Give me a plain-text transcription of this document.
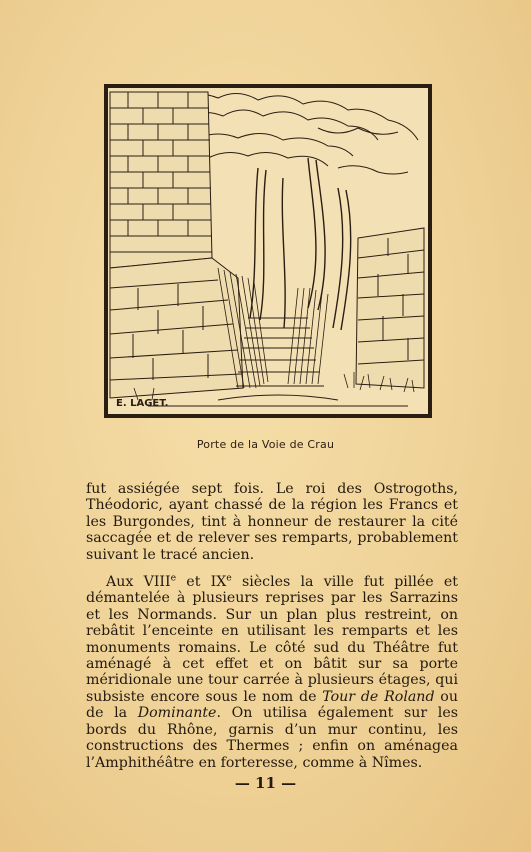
E. LAGET.
Porte de la Voie de Crau

fut assiégée sept fois. Le roi des Ostrogoths, Théodoric, ayant chassé de la région les Francs et les Burgondes, tint à honneur de restaurer la cité saccagée et de relever ses remparts, probablement suivant le tracé ancien.

Aux VIIIe et IXe siècles la ville fut pillée et démantelée à plusieurs reprises par les Sarrazins et les Normands. Sur un plan plus restreint, on rebâtit l’enceinte en utilisant les remparts et les monuments romains. Le côté sud du Théâtre fut aménagé à cet effet et on bâtit sur sa porte méridionale une tour carrée à plusieurs étages, qui subsiste encore sous le nom de Tour de Roland ou de la Dominante. On utilisa également sur les bords du Rhône, garnis d’un mur continu, les constructions des Thermes ; enfin on aménagea l’Amphithéâtre en forteresse, comme à Nîmes.

— 11 —
